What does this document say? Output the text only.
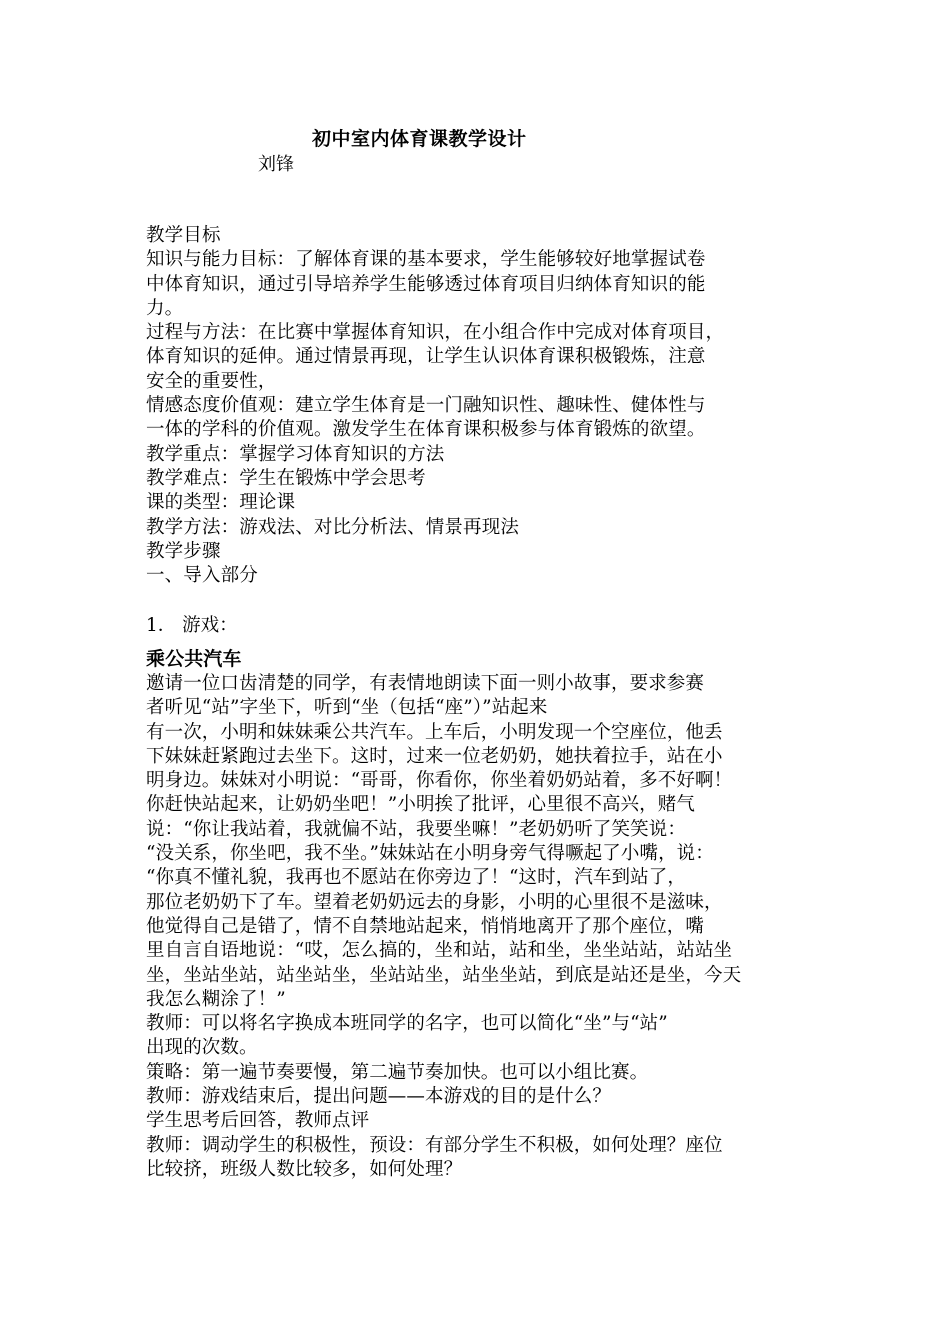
初中室内体育课教学设计
刘锋
教学目标
知识与能力目标：了解体育课的基本要求，学生能够较好地掌握试卷
中体育知识，通过引导培养学生能够透过体育项目归纳体育知识的能
力。
过程与方法：在比赛中掌握体育知识，在小组合作中完成对体育项目，
体育知识的延伸。通过情景再现，让学生认识体育课积极锻炼，注意
安全的重要性，
情感态度价值观：建立学生体育是一门融知识性、趣味性、健体性与
一体的学科的价值观。激发学生在体育课积极参与体育锻炼的欲望。
教学重点：掌握学习体育知识的方法
教学难点：学生在锻炼中学会思考
课的类型：理论课
教学方法：游戏法、对比分析法、情景再现法
教学步骤
一、导入部分
1． 游戏：
乘公共汽车
邀请一位口齿清楚的同学，有表情地朗读下面一则小故事，要求参赛
者听见“站”字坐下，听到“坐（包括“座”）”站起来
有一次，小明和妹妹乘公共汽车。上车后，小明发现一个空座位，他丢
下妹妹赶紧跑过去坐下。这时，过来一位老奶奶，她扶着拉手，站在小
明身边。妹妹对小明说：“哥哥，你看你，你坐着奶奶站着，多不好啊！
你赶快站起来，让奶奶坐吧！”小明挨了批评，心里很不高兴，赌气
说：“你让我站着，我就偏不站，我要坐嘛！”老奶奶听了笑笑说：
“没关系，你坐吧，我不坐。”妹妹站在小明身旁气得噘起了小嘴，说：
“你真不懂礼貌，我再也不愿站在你旁边了！“这时，汽车到站了，
那位老奶奶下了车。望着老奶奶远去的身影，小明的心里很不是滋味，
他觉得自己是错了，情不自禁地站起来，悄悄地离开了那个座位，嘴
里自言自语地说：“哎，怎么搞的，坐和站，站和坐，坐坐站站，站站坐
坐，坐站坐站，站坐站坐，坐站站坐，站坐坐站，到底是站还是坐，今天
我怎么糊涂了！”
教师：可以将名字换成本班同学的名字，也可以简化“坐”与“站”
出现的次数。
策略：第一遍节奏要慢，第二遍节奏加快。也可以小组比赛。
教师：游戏结束后，提出问题——本游戏的目的是什么？
学生思考后回答，教师点评
教师：调动学生的积极性，预设：有部分学生不积极，如何处理？座位
比较挤，班级人数比较多，如何处理？
